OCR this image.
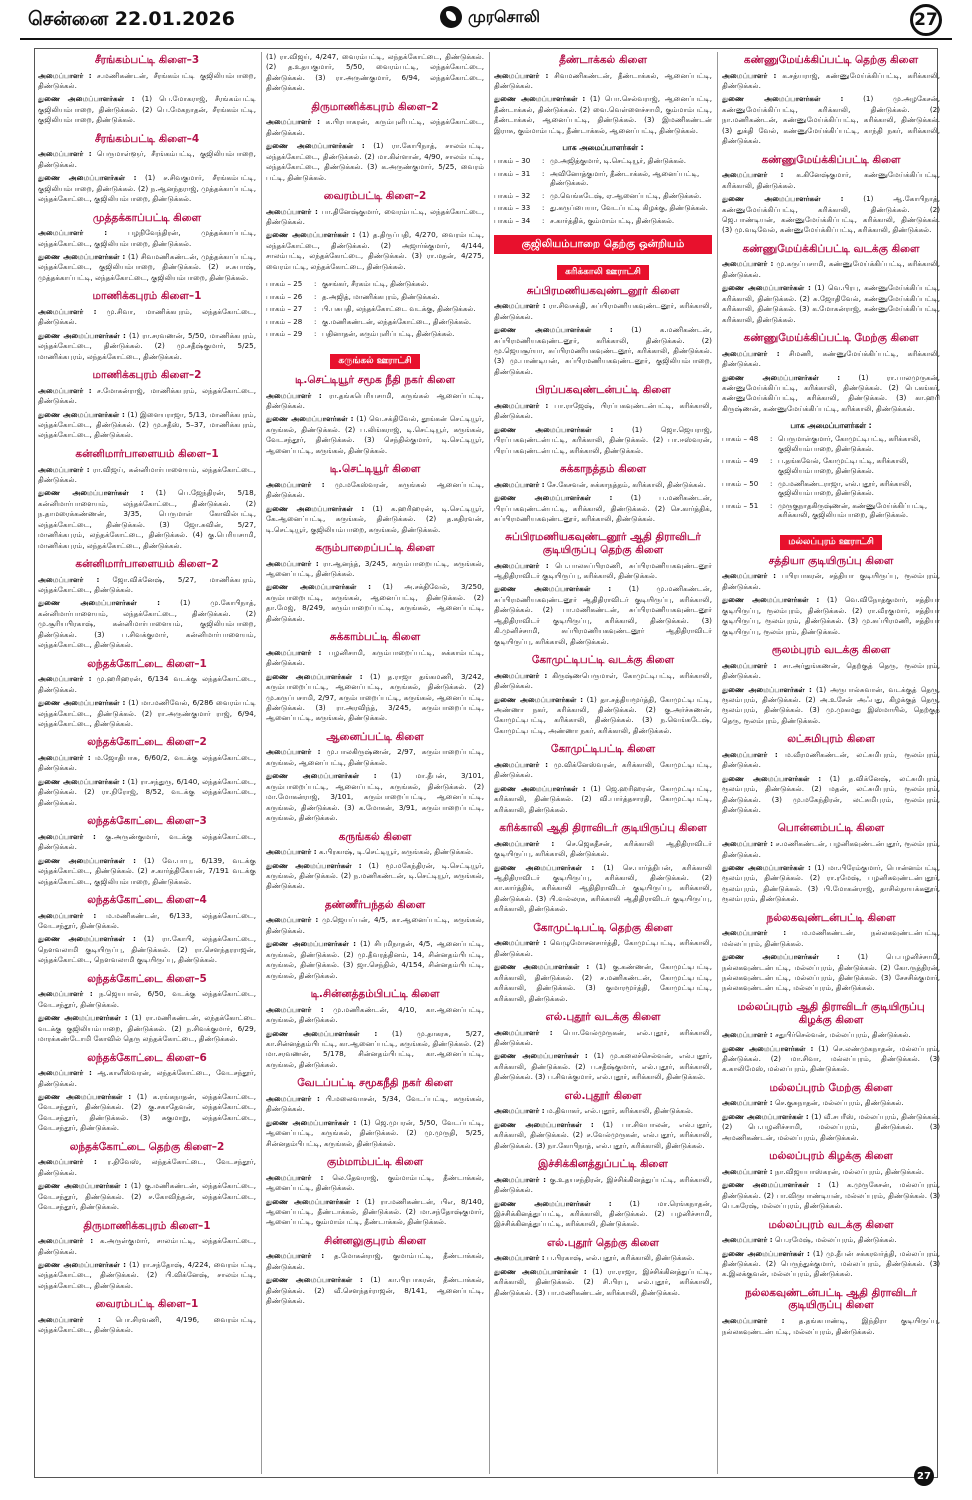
சென்னை 22.01.2026	முரசொலி	27
சீரங்கம்பட்டி கிளை–3

அமைப்பாளர் : ச.மணிகண்டன், சீரங்கம்பட்டி குஜிலியம்பாறை, திண்டுக்கல்.

துணை அமைப்பாளர்கள் : (1) பெ.மோகராஜ், சீரங்கம்பட்டி குஜிலியம்பாறை, திண்டுக்கல். (2) பெ.மேகநாதன், சீரங்கம்பட்டி, குஜிலியம்பாறை, திண்டுக்கல்.

சீரங்கம்பட்டி கிளை–4

அமைப்பாளர் : பெருமாள்ளூர், சீரங்கம்பட்டி, குஜிலியம்பாறை, திண்டுக்கல்.

துணை அமைப்பாளர்கள் : (1) ச.சிவகுமார், சீரங்கம்பட்டி, குஜிலியம்பாறை, திண்டுக்கல். (2) ந.ஆனந்தராஜ், முத்தக்காப்பட்டி, லந்தக்கோட்டை, குஜிலியம்பாறை, திண்டுக்கல்.

முத்தக்காப்பட்டி கிளை

அமைப்பாளர் :	பழநிவேந்திரன், முத்தக்காப்பட்டி, லந்தக்கோட்டை, குஜிலியம்பாறை, திண்டுக்கல்.

துணை அமைப்பாளர்கள் : (1) சிவமணிகண்டன், முத்தக்காப்பட்டி, லந்தக்கோட்டை, குஜிலியம்பாறை, திண்டுக்கல். (2) ச.சுபாஷ், முத்தக்காப்பட்டி, லந்தக்கோட்டை, குஜிலியம்பாறை, திண்டுக்கல்.

மாணிக்கபுரம் கிளை–1

அமைப்பாளர் : மு.சிவா, மாணிக்கபுரம், லந்தக்கோட்டை, திண்டுக்கல்.

துணை அமைப்பாளர்கள் : (1) ரா.சரவணன், 5/50, மாணிக்கபுரம், லந்தக்கோட்டை, திண்டுக்கல். (2) மு.சதீஷ்குமார், 5/25, மாணிக்கபுரம், லந்தக்கோட்டை, திண்டுக்கல்.

மாணிக்கபுரம் கிளை–2

அமைப்பாளர் : ச.மோகன்ராஜ், மாணிக்கபுரம், லந்தக்கோட்டை, திண்டுக்கல்.

துணை அமைப்பாளர்கள் : (1) இளையராஜா, 5/13, மாணிக்கபுரம், லந்தக்கோட்டை, திண்டுக்கல். (2) மு.சதீஸ், 5–37, மாணிக்கபுரம், லந்தக்கோட்டை, திண்டுக்கல்.

கன்னிமார்பாளையம் கிளை–1

அமைப்பாளர் : ரா.விஜய், கன்னிமார்பாளையம், லந்தக்கோட்டை, திண்டுக்கல்.

துணை அமைப்பாளர்கள் : (1) பெ.ஜேந்திரன், 5/18, கன்னிமார்பாளையம், லந்தக்கோட்டை, திண்டுக்கல். (2) ந.தாமரைக்கண்ணன், 3/35, பெருமாள் கோவில்பட்டி, லந்தக்கோட்டை, திண்டுக்கல். (3) ஜோ.சுவின், 5/27, மாணிக்கபுரம், லந்தக்கோட்டை, திண்டுக்கல். (4) கு.பெரியசாமி, மாணிக்கபுரம், லந்தக்கோட்டை, திண்டுக்கல்.

கன்னிமார்பாளையம் கிளை–2

அமைப்பாளர் : ஜோ.விக்னேஷ், 5/27, மாணிக்கபுரம், லந்தக்கோட்டை, திண்டுக்கல்.

துணை அமைப்பாளர்கள் :	(1) மு.கோபிநாத், கன்னிமார்பாளையம், லந்தக்கோட்டை, திண்டுக்கல். (2) மு.சூரியபிரகாஷ், கன்னிமார்பாளையம், குஜிலியம்பாறை, திண்டுக்கல். (3) ப.சிவக்குமார், கன்னிமார்பாளையம், லந்தக்கோட்டை, திண்டுக்கல்.

லந்தக்கோட்டை கிளை–1

அமைப்பாளர் : மு.ஹரிஹரன், 6/134 வடக்கு லந்தக்கோட்டை, திண்டுக்கல்.

துணை அமைப்பாளர்கள் : (1) மா.மணிவேல், 6/286 வைரம்பட்டி லந்தக்கோட்டை, திண்டுக்கல். (2) ரா.அருண்குமார் ராஜ், 6/94, லந்தக்கோட்டை, திண்டுக்கல்.

லந்தக்கோட்டை கிளை–2

அமைப்பாளர் : ம.ஜோதிபாசு, 6/60/2, வடக்கு லந்தக்கோட்டை, திண்டுக்கல்.

துணை அமைப்பாளர்கள் : (1) ரா.சந்துரு, 6/140, லந்தக்கோட்டை, திண்டுக்கல். (2) ரா.நிரோஜ், 8/52, வடக்கு லந்தக்கோட்டை, திண்டுக்கல்.

லந்தக்கோட்டை கிளை–3

அமைப்பாளர் : கு.அருண்குமார், வடக்கு லந்தக்கோட்டை, திண்டுக்கல்.

துணை அமைப்பாளர்கள் : (1) வே.பாபு, 6/139, வடக்கு லந்தக்கோட்டை, திண்டுக்கல். (2) ச.கார்த்திகேயன், 7/191 வடக்கு லந்தக்கோட்டை, குஜிலியம்பாறை, திண்டுக்கல்.

லந்தக்கோட்டை கிளை–4

அமைப்பாளர் : ம.மணிகண்டன், 6/133, லந்தக்கோட்டை, வேடசந்தூர், திண்டுக்கல்.

துணை அமைப்பாளர்கள் : (1) ரா.கோபி, லந்தக்கோட்டை, நௌவலாமி குடியிருப்பு, திண்டுக்கல். (2) ரா.சௌந்தரராஜன், லந்தக்கோட்டை, நௌவலாமி குடியிருப்பு, திண்டுக்கல்.

லந்தக்கோட்டை கிளை–5

அமைப்பாளர் : ந.ஜெயபால், 6/50, வடக்கு லந்தக்கோட்டை, வேடசந்தூர், திண்டுக்கல்.

துணை அமைப்பாளர்கள் : (1) ரா.மணிகண்டன், லந்தக்கோட்டை வடக்கு குஜிலியம்பாறை, திண்டுக்கல். (2) ந.சிவக்குமார், 6/29, மாரக்கண்டோமி கோவில் தெரு லந்தக்கோட்டை, திண்டுக்கல்.

லந்தக்கோட்டை கிளை–6

அமைப்பாளர் : ஆ.காளீஸ்வரன், லந்தக்கோட்டை, வேடசந்தூர், திண்டுக்கல்.

துணை அமைப்பாளர்கள் : (1) க.ரங்கநாதன், லந்தக்கோட்டை, வேடசந்தூர், திண்டுக்கல். (2) கு.சகாதேவன், லந்தக்கோட்டை, வேடசந்தூர், திண்டுக்கல். (3) சுகுமாறு, லந்தக்கோட்டை, வேடசந்தூர், திண்டுக்கல்.

லந்தக்கோட்டை தெற்கு கிளை–2

அமைப்பாளர் : ர.திவேஸ், லந்தக்கோட்டை, வேடசந்தூர், திண்டுக்கல்.

துணை அமைப்பாளர்கள் : (1) கு.மணிகண்டன், லந்தக்கோட்டை, வேடசந்தூர், திண்டுக்கல். (2) ச.கோவிந்தன், லந்தக்கோட்டை, வேடசந்தூர், திண்டுக்கல்.

திருமாணிக்கபுரம் கிளை–1

அமைப்பாளர் : க.அருள்குமார், சாலம்பட்டி, லந்தக்கோட்டை, திண்டுக்கல்.

துணை அமைப்பாளர்கள் : (1) ரா.சந்தோஷ், 4/224, வைரம்பட்டி, லந்தக்கோட்டை, திண்டுக்கல். (2) பி.விக்னேஷ், சாலம்பட்டி, லந்தக்கோட்டை, திண்டுக்கல்.

வைரம்பட்டி கிளை–1

அமைப்பாளர் : பொ.சிரவணி, 4/196, வைரம்பட்டி, லந்தக்கோட்டை, திண்டுக்கல்.

(1) ரா.விஜய், 4/247, வைரம்பட்டி, லந்தக்கோட்டை, திண்டுக்கல். (2) த.உதயகுமார், 5/50, வைரம்பட்டி, லந்தக்கோட்டை, திண்டுக்கல். (3) ரா.அருண்குமார், 6/94, லந்தக்கோட்டை, திண்டுக்கல்.

திருமாணிக்கபுரம் கிளை–2

அமைப்பாளர் : க.பிரபாகரன், கரும்புளிபட்டி, லந்தக்கோட்டை, திண்டுக்கல்.

துணை அமைப்பாளர்கள் : (1) ரா.கோபிநாத், சாலம்பட்டி, லந்தக்கோட்டை, திண்டுக்கல். (2) மா.கிள்ளான், 4/90, சாலம்பட்டி, லந்தக்கோட்டை, திண்டுக்கல். (3) க.அருண்குமார், 5/25, வைரம் பட்டி, திண்டுக்கல்.

வைரம்பட்டி கிளை–2

அமைப்பாளர் : பா.தினேஷ்குமார், வைரம்பட்டி, லந்தக்கோட்டை, திண்டுக்கல்.

துணை அமைப்பாளர்கள் : (1) த.திருப்பதி, 4/270, வைரம்பட்டி, லந்தக்கோட்டை, திண்டுக்கல். (2) அஜார்க்குமார், 4/144, சாலம்பட்டி, லந்தக்கோட்டை, திண்டுக்கல். (3) ரா.மதன், 4/275, வைரம்பட்டி, லந்தக்கோட்டை, திண்டுக்கல்.

பாகம் – 25	:	குசங்கர், சீரகம்பட்டி, திண்டுக்கல்.
பாகம் – 26	:	த.அஜித், மாணிக்கபுரம், திண்டுக்கல்.
பாகம் – 27	:	பி.பசுபதி, லந்தக்கோட்டை வடக்கு, திண்டுக்கல்.
பாகம் – 28	:	கு.மணிகண்டன், லந்தக்கோட்டை, திண்டுக்கல்.
பாகம் – 29	:	பதினாதன், கரும்புளிப்பட்டி, திண்டுக்கல்.
கருங்கல் ஊராட்சி
டி.செட்டியூர் சமூக நீதி நகர் கிளை

அமைப்பாளர் : ரா.தங்கபெரியசாமி, கருங்கல் ஆனைப்பட்டி, திண்டுக்கல்.

துணை அமைப்பாளர்கள் : (1) வெ.சக்திவேல், தூங்கன் செட்டியூர், கருங்கல், திண்டுக்கல். (2) ப.லிங்கராஜ், டி.செட்டியூர், கருங்கல், வேடசந்தூர், திண்டுக்கல். (3) செந்தில்குமார், டி.செட்டியூர், ஆனைப்பட்டி, கருங்கல், திண்டுக்கல்.

டி.செட்டியூர் கிளை

அமைப்பாளர் : மு.மகேஸ்வரன், கருங்கல் ஆனைப்பட்டி, திண்டுக்கல்.

துணை அமைப்பாளர்கள் : (1) க.ஹரிஹரன், டி.செட்டியூர், கே.ஆனைப்பட்டி, கருங்கல், திண்டுக்கல். (2) த.கதிரவன், டி.செட்டியூர், குஜிலியம்பாறை, கருங்கல், திண்டுக்கல்.

கரும்பாறைப்பட்டி கிளை

அமைப்பாளர் : ரா.ஆனந்த், 3/245, கரும்பாறைபட்டி, கருங்கல், ஆனைப்பட்டி, திண்டுக்கல்.

துணை அமைப்பாளர்கள் : (1) அ.சக்திவேல், 3/250, கரும்பாறைபட்டி, கருங்கல், ஆனைப்பட்டி, திண்டுக்கல். (2) தா.மேஜ், 8/249, கரும்பாறைப்பட்டி, கருங்கல், ஆனைப்பட்டி, திண்டுக்கல்.

சுக்காம்பட்டி கிளை

அமைப்பாளர் : பழனிசாமி, கரும்பாறைப்பட்டி, சுக்காம்பட்டி, திண்டுக்கல்.

துணை அமைப்பாளர்கள் : (1) த.ராஜா தங்கமணி, 3/242, கரும்பாறைப்பட்டி, ஆனைப்பட்டி, கருங்கல், திண்டுக்கல். (2) மு.கருப்பசாமி, 2/97, கரும்பாறைப்பட்டி, கருங்கல், ஆனைப்பட்டி, திண்டுக்கல். (3) ரா.அரவிந்த், 3/245, கரும்பாறைப்பட்டி, ஆனைப்பட்டி, கருங்கல், திண்டுக்கல்.

ஆனைப்பட்டி கிளை

அமைப்பாளர் : மு.பாலகிருஷ்ணன், 2/97, கரும்பாறைப்பட்டி, கருங்கல், ஆனைப்பட்டி, திண்டுக்கல்.

துணை அமைப்பாளர்கள் : (1) மா.தீபன், 3/101, கரும்பாறைப்பட்டி, ஆனைப்பட்டி, கருங்கல், திண்டுக்கல். (2) மா.மோகன்ராஜ், 3/101, கரும்பாறைப்பட்டி, ஆனைப்பட்டி, கருங்கல், திண்டுக்கல். (3) க.மோகன், 3/91, கரும்பாறைப்பட்டி, கருங்கல், திண்டுக்கல்.

கருங்கல் கிளை

அமைப்பாளர் : க.பிரகாஷ், டி.செட்டியூர், கருங்கல், திண்டுக்கல்.

துணை அமைப்பாளர்கள் : (1) மூ.மகேந்திரன், டி.செட்டியூர், கருங்கல், திண்டுக்கல். (2) ந.மணிகண்டன், டி.செட்டியூர், கருங்கல், திண்டுக்கல்.

தண்ணீர்பந்தல் கிளை

அமைப்பாளர் : மு.ஜெயப்பன், 4/5, கா.ஆனைப்பட்டி, கருங்கல், திண்டுக்கல்.

துணை அமைப்பாளர்கள் : (1) சிபுமிநாதன், 4/5, ஆனைப்பட்டி, கருங்கல், திண்டுக்கல். (2) மு.தீவரத்தினம், 14, சின்னதம்பிபட்டி, கருங்கல், திண்டுக்கல். (3) ஜா.செந்தில், 4/154, சின்னதம்பிபட்டி, கருங்கல், திண்டுக்கல்.

டி.சின்னத்தம்பிபட்டி கிளை

அமைப்பாளர் : மு.மணிகண்டன், 4/10, கா.ஆனைப்பட்டி, கருங்கல், திண்டுக்கல்.

துணை அமைப்பாளர்கள் : (1) மு.தாகரசு, 5/27, கா.சின்னத்தம்பிபட்டி, கா.ஆனைப்பட்டி, கருங்கல், திண்டுக்கல். (2) மா.சரவணன், 5/178, சின்னதம்பிபட்டி, கா.ஆனைப்பட்டி, கருங்கல், திண்டுக்கல்.

வேடப்பட்டி சமூகநீதி நகர் கிளை

அமைப்பாளர் : பி.மலைவாசன், 5/34, வேடப்பட்டி, கருங்கல், திண்டுக்கல்.

துணை அமைப்பாளர்கள் : (1) ஜெ.முபரன், 5/50, வேடப்பட்டி, ஆனைப்பட்டி, கருங்கல், திண்டுக்கல். (2) மு.முருதி, 5/25, சின்னதம்பிபட்டி, கருங்கல், திண்டுக்கல்.

கும்மாம்பட்டி கிளை

அமைப்பாளர் : லெ.தேவராஜ், கும்மாம்பட்டி, தீண்டாக்கல், ஆனைப்பட்டி, திண்டுக்கல்.

துணை அமைப்பாளர்கள் : (1) ரா.மணிகண்டன், பிஎ, 8/140, ஆனைப்பட்டி, தீண்டாக்கல், திண்டுக்கல். (2) மா.சந்தோஷ்குமார், ஆனைப்பட்டி, கும்மாம்பட்டி, தீண்டாக்கல், திண்டுக்கல்.

சின்னலுகுபுரம் கிளை

அமைப்பாளர் : த.மோகன்ராஜ், குமாம்பட்டி, தீண்டாக்கல், திண்டுக்கல்.

துணை அமைப்பாளர்கள் : (1) கா.பிரபாகரன், தீண்டாக்கல், திண்டுக்கல். (2) வீ.சௌந்தர்ராஜன், 8/141, ஆனைப்பட்டி, திண்டுக்கல்.

தீண்டாக்கல் கிளை

அமைப்பாளர் : சிவமணிகண்டன், தீண்டாக்கல், ஆனைப்பட்டி, திண்டுக்கல்.

துணை அமைப்பாளர்கள் : (1) பொ.செல்வராஜ், ஆனைப்பட்டி, தீண்டாக்கல், திண்டுக்கல். (2) வை.வெள்ளைச்சாமி, கும்மாம்பட்டி, தீண்டாக்கல், ஆனைப்பட்டி, திண்டுக்கல். (3) இமணிகண்டன் இராசு, கும்மாம்பட்டி, தீண்டாக்கல், ஆனைப்பட்டி, திண்டுக்கல்.

பாக அமைப்பாளர்கள் :
பாகம் – 30	:	மு.அஜித்குமார், டி.செட்டியூர், திண்டுக்கல்.
பாகம் – 31	:	அவினோத்குமார், தீண்டாக்கல், ஆனைப்பட்டி, திண்டுக்கல்.
பாகம் – 32	:	மு.வெங்கடேஷ், ஏ.ஆனைப்பட்டி, திண்டுக்கல்.
பாகம் – 33	:	து.கருப்பையா, வேடப்பட்டி கிழக்கு, திண்டுக்கல்.
பாகம் – 34	:	ச.கார்த்திக், கும்மாம்பட்டி, திண்டுக்கல்.
குஜிலியம்பாறை தெற்கு ஒன்றியம்
கரிக்காலி ஊராட்சி
சுப்பிரமணியகவுண்டனூர் கிளை

அமைப்பாளர் : ரா.சிவசக்தி, சுப்பிரமணியகவுண்டனூர், கரிக்காலி, திண்டுக்கல்.

துணை அமைப்பாளர்கள் :	(1) க.மணிகண்டன், சுப்பிரமணியகவுண்டனூர், கரிக்காலி, திண்டுக்கல். (2) மூ.ஜெயசூர்யா, சுப்பிரமணியகவுண்டனூர், கரிக்காலி, திண்டுக்கல். (3) மு.பாண்டியன், சுப்பிரமணியகவுண்டனூர், குஜிலியம்பாறை, திண்டுக்கல்.

பிரப்பகவுண்டன்பட்டி கிளை

அமைப்பாளர் : பா.ராஜேஷ், பிரப்பகவுண்டன்பட்டி, கரிக்காலி, திண்டுக்கல்.

துணை அமைப்பாளர்கள் :	(1) ஜொ.ஜெயராஜ், பிரப்பகவுண்டன்பட்டி, கரிக்காலி, திண்டுக்கல். (2) பா.ஈஸ்வரன், பிரப்பகவுண்டன்பட்டி, கரிக்காலி, திண்டுக்கல்.

சுக்காநத்தம் கிளை

அமைப்பாளர் : சே.கேசவன், சுக்காநத்தம், கரிக்காலி, திண்டுக்கல்.

துணை அமைப்பாளர்கள் :	(1) ப.மணிகண்டன், பிரப்பகவுண்டன்பட்டி, கரிக்காலி, திண்டுக்கல். (2) செ.கார்த்திக், சுப்பிரமணியகவுண்டனூர், கரிக்காலி, திண்டுக்கல்.

சுப்பிரமணியகவுண்டனூர் ஆதி திராவிடர் குடியிருப்பு தெற்கு கிளை

அமைப்பாளர் : பெ.பாலசுப்பிரமணி, சுப்பிரமணியகவுண்டனூர் ஆதிதிராவிடர் குடியிருப்பு, கரிக்காலி, திண்டுக்கல்.

துணை அமைப்பாளர்கள் : (1) மு.மணிகண்டன், சுப்பிரமணியகவுண்டனூர் ஆதிதிராவிடர் குடியிருப்பு, கரிக்காலி, திண்டுக்கல். (2) பா.மணிகண்டன், சுப்பிரமணியகவுண்டனூர் ஆதிதிராவிடர் குடியிருப்பு, கரிக்காலி, திண்டுக்கல். (3) கி.முனிச்சாமி, சுப்பிரமணியகவுண்டனூர் ஆதிதிராவிடர் குடியிருப்பு, கரிக்காலி, திண்டுக்கல்.

கோமுட்டிபட்டி வடக்கு கிளை

அமைப்பாளர் : கிருஷ்ணபெருமாள், கோமுட்டிபட்டி, கரிக்காலி, திண்டுக்கல்.

துணை அமைப்பாளர்கள் : (1) தா.சத்தியமூர்த்தி, கோமுட்டிபட்டி, அண்ணா நகர், கரிக்காலி, திண்டுக்கல். (2) கு.அர்ச்சுணன், கோமுட்டிபட்டி, கரிக்காலி, திண்டுக்கல். (3) ந.வெங்கடேஷ், கோமுட்டிபட்டி, அண்ணா நகர், கரிக்காலி, திண்டுக்கல்.

கோமுட்டிபட்டி கிளை

அமைப்பாளர் : மு.விக்னேஸ்வரன், கரிக்காலி, கோமுட்டிபட்டி, திண்டுக்கல்.

துணை அமைப்பாளர்கள் : (1) ஜெ.ஹரிஹரன், கோமுட்டிபட்டி, கரிக்காலி, திண்டுக்கல். (2) வி.பார்த்தசாரதி, கோமுட்டிபட்டி, கரிக்காலி, திண்டுக்கல்.

கரிக்காலி ஆதி திராவிடர் குடியிருப்பு கிளை

அமைப்பாளர் : செ.ஜெகதீசன், கரிக்காலி ஆதிதிராவிடர் குடியிருப்பு, கரிக்காலி, திண்டுக்கல்.

துணை அமைப்பாளர்கள் : (1) செ.பார்த்திபன், கரிக்காலி ஆதிதிராவிடர் குடியிருப்பு, கரிக்காலி, திண்டுக்கல். (2) கா.கார்த்திக், கரிக்காலி ஆதிதிராவிடர் குடியிருப்பு, கரிக்காலி, திண்டுக்கல். (3) பி.வல்லரசு, கரிக்காலி ஆதிதிராவிடர் குடியிருப்பு, கரிக்காலி, திண்டுக்கல்.

கோமுட்டிபட்டி தெற்கு கிளை

அமைப்பாளர் : வெழுமோசனசார்த்தி, கோமுட்டிபட்டி, கரிக்காலி, திண்டுக்கல்.

துணை அமைப்பாளர்கள் : (1) கு.கண்ணன், கோமுட்டிபட்டி, கரிக்காலி, திண்டுக்கல். (2) ச.மணிகண்டன், கோமுட்டிபட்டி, கரிக்காலி, திண்டுக்கல். (3) குமாரமூர்த்தி, கோமுட்டிபட்டி, கரிக்காலி, திண்டுக்கல்.

எல்.புதூர் வடக்கு கிளை

அமைப்பாளர் : பொ.வேல்முருகன், எல்.புதூர், கரிக்காலி, திண்டுக்கல்.

துணை அமைப்பாளர்கள் : (1) மு.கலைச்செல்வன், எல்.புதூர், கரிக்காலி, திண்டுக்கல். (2) ப.சதீஷ்குமார், எல்.புதூர், கரிக்காலி, திண்டுக்கல். (3) ப.சிவக்குமார், எல்.புதூர், கரிக்காலி, திண்டுக்கல்.

எல்.புதூர் கிளை

அமைப்பாளர் : ம.திவாகர், எல்.புதூர், கரிக்காலி, திண்டுக்கல்.

துணை அமைப்பாளர்கள் : (1) பா.சிவபாலன், எல்.புதூர், கரிக்காலி, திண்டுக்கல். (2) ச.வேல்முருகன், எல்.புதூர், கரிக்காலி, திண்டுக்கல். (3) நா.கோபிநாத், எல்.புதூர், கரிக்காலி, திண்டுக்கல்.

இச்சிக்கினத்துப்பட்டி கிளை

அமைப்பாளர் : கு.உதயசந்திரன், இச்சிக்கினத்துப்பட்டி, கரிக்காலி, திண்டுக்கல்.

துணை அமைப்பாளர்கள் : (1) மா.ரெங்கநாதன், இச்சிக்கினத்துப்பட்டி, கரிக்காலி, திண்டுக்கல். (2) பழனிச்சாமி, இச்சிக்கினத்துப்பட்டி, கரிக்காலி, திண்டுக்கல்.

எல்.புதூர் தெற்கு கிளை

அமைப்பாளர் : ப.பிரகாஷ், எல்.புதூர், கரிக்காலி, திண்டுக்கல்.

துணை அமைப்பாளர்கள் : (1) ரா.ராஜா, இச்சிக்கினத்துப்பட்டி, கரிக்காலி, திண்டுக்கல். (2) சி.பிரபு, எல்.புதூர், கரிக்காலி, திண்டுக்கல். (3) பா.மணிகண்டன், கரிக்காலி, திண்டுக்கல்.

கண்ணுமேய்க்கிப்பட்டி தெற்கு கிளை

அமைப்பாளர் : க.சத்யராஜ், கண்ணுமேய்க்கிப்பட்டி, கரிக்காலி, திண்டுக்கல்.

துணை அமைப்பாளர்கள் :	(1) மு.அழகேசன், கண்ணுமேய்க்கிப்பட்டி, கரிக்காலி, திண்டுக்கல். (2) நா.மணிகண்டன், கண்ணுமேய்க்கிப்பட்டி, கரிக்காலி, திண்டுக்கல். (3) துக்தி வேல், கண்ணுமேய்க்கிப்பட்டி, காந்தி நகர், கரிக்காலி, திண்டுக்கல்.

கண்ணுமேய்க்கிப்பட்டி கிளை

அமைப்பாளர் : க.கினேஷ்குமார், கண்ணுமேய்க்கிப்பட்டி, கரிக்காலி, திண்டுக்கல்.

துணை அமைப்பாளர்கள் :	(1) ஆ.கோபிநாத், கண்ணுமேய்க்கிப்பட்டி, கரிக்காலி, திண்டுக்கல். (2) ஜெ.பாண்டியன், கண்ணுமேய்க்கிப்பட்டி, கரிக்காலி, திண்டுக்கல். (3) மு.வடிவேல், கண்ணுமேய்க்கிப்பட்டி, கரிக்காலி, திண்டுக்கல்.

கண்ணுமேய்க்கிப்பட்டி வடக்கு கிளை

அமைப்பாளர் : மு.கருப்பசாமி, கண்ணுமேய்க்கிப்பட்டி, கரிக்காலி, திண்டுக்கல்.

துணை அமைப்பாளர்கள் : (1) வெ.பிரபு, கண்ணுமேய்க்கிப்பட்டி, கரிக்காலி, திண்டுக்கல். (2) சு.ஜோதிவேல், கண்ணுமேய்க்கிப்பட்டி, கரிக்காலி, திண்டுக்கல். (3) க.மோகன்ராஜ், கண்ணுமேய்க்கிப்பட்டி, கரிக்காலி, திண்டுக்கல்.

கண்ணுமேய்க்கிப்பட்டி மேற்கு கிளை

அமைப்பாளர் : சிமணி, கண்ணுமேய்க்கிப்பட்டி, கரிக்காலி, திண்டுக்கல்.

துணை அமைப்பாளர்கள் :	(1) ரா.பாலமுருகன், கண்ணுமேய்க்கிப்பட்டி, கரிக்காலி, திண்டுக்கல். (2) பெ.கங்கர், கண்ணுமேய்க்கிப்பட்டி, கரிக்காலி, திண்டுக்கல். (3) கா.ஹரி கிருஷ்ணன், கண்ணுமேய்க்கிப்பட்டி, கரிக்காலி, திண்டுக்கல்.

பாக அமைப்பாளர்கள் :
பாகம் – 48	:	பெருமாள்குமார், கோமுட்டிபட்டி, கரிக்காலி, குஜிலியம்பாறை, திண்டுக்கல்.
பாகம் – 49	:	ப.தங்கவேல், கோமுட்டிபட்டி, கரிக்காலி, குஜிலியம்பாறை, திண்டுக்கல்.
பாகம் – 50	:	மு.மணிகண்டராஜா, எல்.புதூர், கரிக்காலி, குஜிலியம்பாறை, திண்டுக்கல்.
பாகம் – 51	:	முருகுநாதகிருஷ்ணன், கண்ணுமேய்க்கிப்பட்டி, கரிக்காலி, குஜிலியம்பாறை, திண்டுக்கல்.
மல்லப்புரம் ஊராட்சி
சத்தியா குடியிருப்பு கிளை

அமைப்பாளர் : பபிரபாகரன், சத்தியா குடியிருப்பு, ரூலம்புரம், திண்டுக்கல்.

துணை அமைப்பாளர்கள் : (1) வெ.விநோத்குமார், சத்தியா குடியிருப்பு, ரூலம்புரம், திண்டுக்கல். (2) ரா.வீரகுமார், சத்தியா குடியிருப்பு, ரூலம்புரம், திண்டுக்கல். (3) மு.சுப்பிரமணி, சத்தியா குடியிருப்பு, ரூலம்புரம், திண்டுக்கல்.

ரூலம்புரம் வடக்கு கிளை

அமைப்பாளர் : சா.அர்துங்கணன், தெற்குத் தெரு, ரூலம்புரம், திண்டுக்கல்.

துணை அமைப்பாளர்கள் : (1) அருபால்சுவான், வடக்குத் தெரு, ரூலம்புரம், திண்டுக்கல். (2) அ.உசேன் அஃபது, கிழக்குத் தெரு, ரூலம்புரம், திண்டுக்கல். (3) மு.முகமது இஸ்மாயில், தெற்குத் தெரு, ரூலம்புரம், திண்டுக்கல்.

லட்சுமிபுரம் கிளை

அமைப்பாளர் : ம.வீரமணிகண்டன், லட்சுமிபுரம், ரூலம்புரம், திண்டுக்கல்.

துணை அமைப்பாளர்கள் : (1) த.விக்னேஷ், லட்சுமிபுரம், ரூலம்புரம், திண்டுக்கல். (2) மதன், லட்சுமிபுரம், ரூலம்புரம், திண்டுக்கல். (3) மு.மகேந்திரன், லட்சுமிபுரம், ரூலம்புரம், திண்டுக்கல்.

பொன்னம்பட்டி கிளை

அமைப்பாளர் : ச.மணிகண்டன், பழனிகவுண்டன்புதூர், ரூலம்புரம், திண்டுக்கல்.

துணை அமைப்பாளர்கள் : (1) மா.பிரேம்குமார், பொன்னம்பட்டி, ரூலம்புரம், திண்டுக்கல். (2) ரா.ரமேஷ், பழனிகவுண்டன்புதூர், ரூலம்புரம், திண்டுக்கல். (3) பி.மோகன்ராஜ், தாசில்நாயக்கனூர், ரூலம்புரம், திண்டுக்கல்.

நல்லகவுண்டன்பட்டி கிளை

அமைப்பாளர் : ம.மணிகண்டன், நல்லகவுண்டன்பட்டி, மல்லப்புரம், திண்டுக்கல்.

துணை அமைப்பாளர்கள் : (1) பெ.பழனிச்சாமி, நல்லகவுண்டன்பட்டி, மல்லப்புரம், திண்டுக்கல். (2) கோ.ருத்திரன், நல்லகவுண்டன்பட்டி, மல்லப்புரம், திண்டுக்கல். (3) சேசசிக்குமார், நல்லகவுண்டன்பட்டி, மல்லப்புரம், திண்டுக்கல்.

மல்லப்புரம் ஆதி திராவிடர் குடியிருப்பு கிழக்கு கிளை

அமைப்பாளர் : சதுபிர்செல்வன், மல்லப்புரம், திண்டுக்கல்.

துணை அமைப்பாளர்கள் : (1) செ.லண்முகநாதன், மல்லப்புரம், திண்டுக்கல். (2) மா.சிவா, மல்லப்புரம், திண்டுக்கல். (3) க.காலிமேஸ், மல்லப்புரம், திண்டுக்கல்.

மல்லப்புரம் மேற்கு கிளை

அமைப்பாளர் : செ.குசுநாதன், மல்லப்புரம், திண்டுக்கல்.

துணை அமைப்பாளர்கள் : (1) வீ.சபரீஸ், மல்லப்புரம், திண்டுக்கல். (2) பெ.பழனிச்சாமி, மல்லப்புரம், திண்டுக்கல். (3) அமணிகண்டன், மல்லப்புரம், திண்டுக்கல்.

மல்லப்புரம் கிழக்கு கிளை

அமைப்பாளர் : நா.விஜயபாஸ்கரன், மல்லப்புரம், திண்டுக்கல்.

துணை அமைப்பாளர்கள் : (1) க.முருகேசன், மல்லப்புரம், திண்டுக்கல். (2) பா.விருபாண்டியன், மல்லப்புரம், திண்டுக்கல். (3) பெ.சுரேஷ், மல்லப்புரம், திண்டுக்கல்.

மல்லப்புரம் வடக்கு கிளை

அமைப்பாளர் : பெ.ரமேஷ், மல்லப்புரம், திண்டுக்கல்.

துணை அமைப்பாளர்கள் : (1) மு.தீபன் சக்கரவர்த்தி, மல்லப்புரம், திண்டுக்கல். (2) பெருந்துக்குமார், மல்லப்புரம், திண்டுக்கல். (3) க.இலக்குவன், மல்லப்புரம், திண்டுக்கல்.

நல்லகவுண்டன்பட்டி ஆதி திராவிடர் குடியிருப்பு கிளை

அமைப்பாளர் : த.தங்கபாண்டி, இந்திரா குடியிருப்பு, நல்லகவுண்டன்பட்டி, மல்லப்புரம், திண்டுக்கல்.

27
